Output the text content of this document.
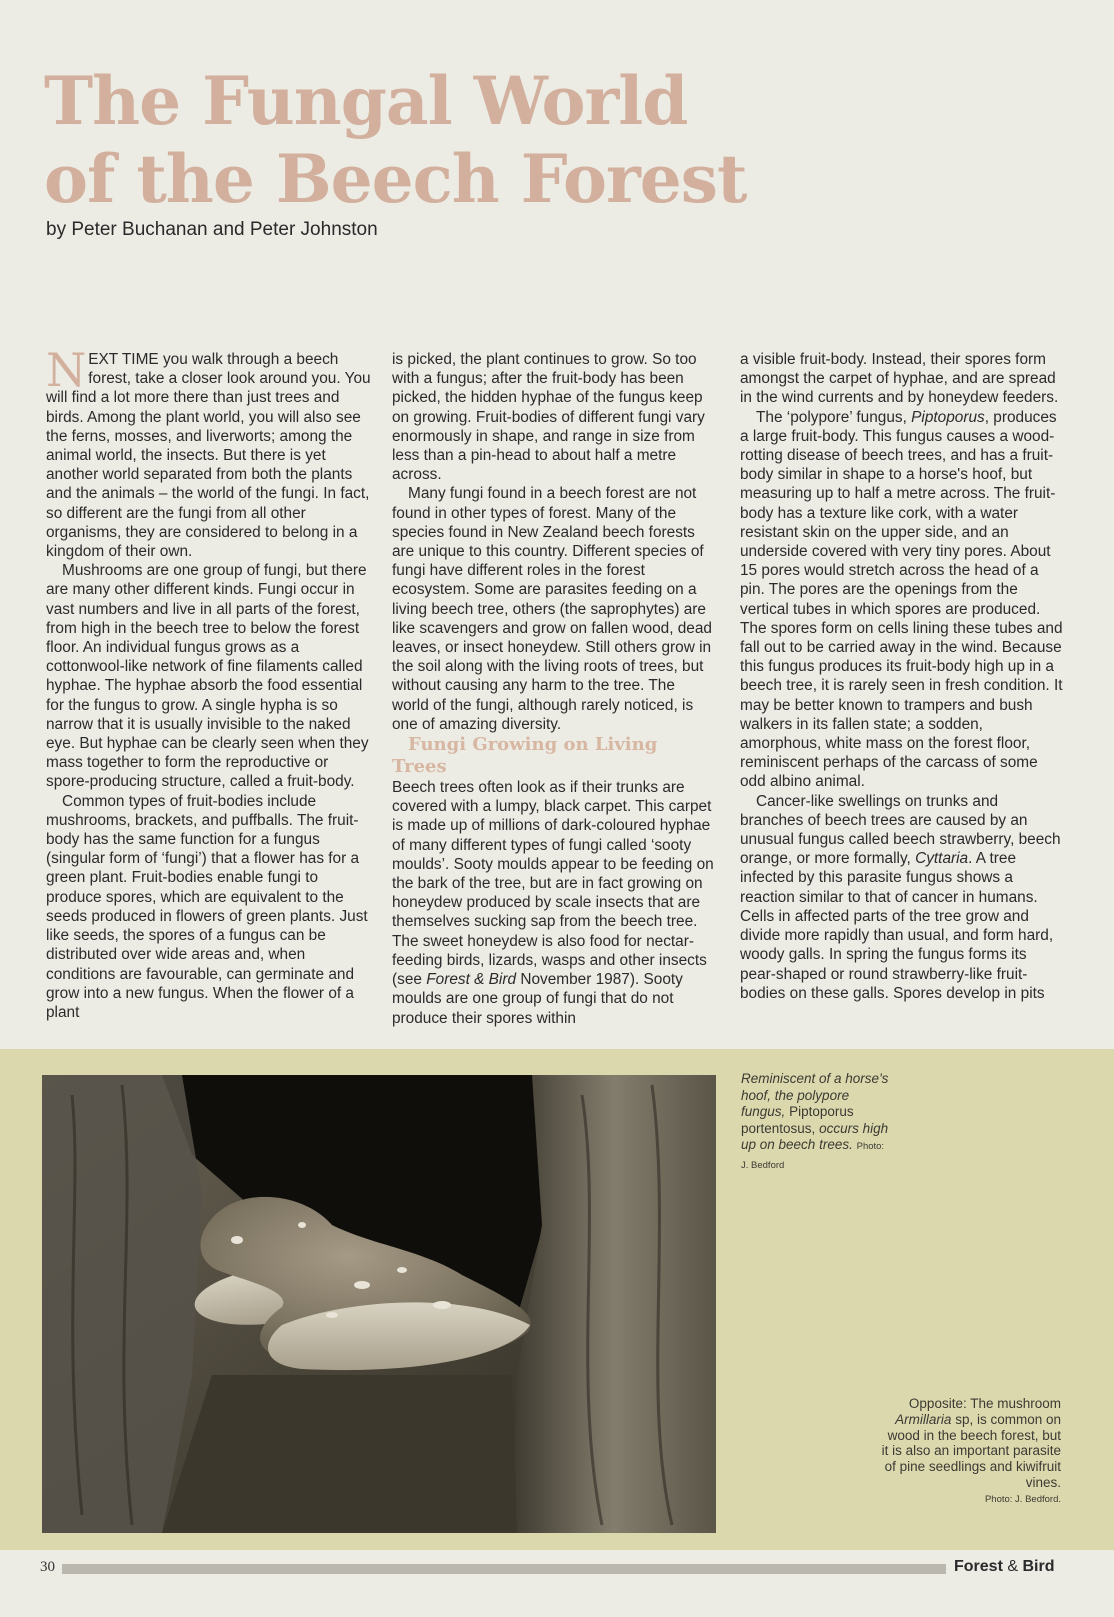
The Fungal World
of the Beech Forest
by Peter Buchanan and Peter Johnston

NEXT TIME you walk through a beech forest, take a closer look around you. You will find a lot more there than just trees and birds. Among the plant world, you will also see the ferns, mosses, and liverworts; among the animal world, the insects. But there is yet another world separated from both the plants and the animals – the world of the fungi. In fact, so different are the fungi from all other organisms, they are considered to belong in a kingdom of their own.

Mushrooms are one group of fungi, but there are many other different kinds. Fungi occur in vast numbers and live in all parts of the forest, from high in the beech tree to below the forest floor. An individual fungus grows as a cottonwool-like network of fine filaments called hyphae. The hyphae absorb the food essential for the fungus to grow. A single hypha is so narrow that it is usually invisible to the naked eye. But hyphae can be clearly seen when they mass together to form the reproductive or spore-producing structure, called a fruit-body.

Common types of fruit-bodies include mushrooms, brackets, and puffballs. The fruit-body has the same function for a fungus (singular form of ‘fungi’) that a flower has for a green plant. Fruit-bodies enable fungi to produce spores, which are equivalent to the seeds produced in flowers of green plants. Just like seeds, the spores of a fungus can be distributed over wide areas and, when conditions are favourable, can germinate and grow into a new fungus. When the flower of a plant

is picked, the plant continues to grow. So too with a fungus; after the fruit-body has been picked, the hidden hyphae of the fungus keep on growing. Fruit-bodies of different fungi vary enormously in shape, and range in size from less than a pin-head to about half a metre across.

Many fungi found in a beech forest are not found in other types of forest. Many of the species found in New Zealand beech forests are unique to this country. Different species of fungi have different roles in the forest ecosystem. Some are parasites feeding on a living beech tree, others (the saprophytes) are like scavengers and grow on fallen wood, dead leaves, or insect honeydew. Still others grow in the soil along with the living roots of trees, but without causing any harm to the tree. The world of the fungi, although rarely noticed, is one of amazing diversity.

Fungi Growing on Living Trees

Beech trees often look as if their trunks are covered with a lumpy, black carpet. This carpet is made up of millions of dark-coloured hyphae of many different types of fungi called ‘sooty moulds’. Sooty moulds appear to be feeding on the bark of the tree, but are in fact growing on honeydew produced by scale insects that are themselves sucking sap from the beech tree. The sweet honeydew is also food for nectar-feeding birds, lizards, wasps and other insects (see Forest & Bird November 1987). Sooty moulds are one group of fungi that do not produce their spores within

a visible fruit-body. Instead, their spores form amongst the carpet of hyphae, and are spread in the wind currents and by honeydew feeders.

The ‘polypore’ fungus, Piptoporus, produces a large fruit-body. This fungus causes a wood-rotting disease of beech trees, and has a fruit-body similar in shape to a horse's hoof, but measuring up to half a metre across. The fruit-body has a texture like cork, with a water resistant skin on the upper side, and an underside covered with very tiny pores. About 15 pores would stretch across the head of a pin. The pores are the openings from the vertical tubes in which spores are produced. The spores form on cells lining these tubes and fall out to be carried away in the wind. Because this fungus produces its fruit-body high up in a beech tree, it is rarely seen in fresh condition. It may be better known to trampers and bush walkers in its fallen state; a sodden, amorphous, white mass on the forest floor, reminiscent perhaps of the carcass of some odd albino animal.

Cancer-like swellings on trunks and branches of beech trees are caused by an unusual fungus called beech strawberry, beech orange, or more formally, Cyttaria. A tree infected by this parasite fungus shows a reaction similar to that of cancer in humans. Cells in affected parts of the tree grow and divide more rapidly than usual, and form hard, woody galls. In spring the fungus forms its pear-shaped or round strawberry-like fruit-bodies on these galls. Spores develop in pits

Reminiscent of a horse's hoof, the polypore fungus, Piptoporus portentosus, occurs high up on beech trees. Photo: J. Bedford
Opposite: The mushroom Armillaria sp, is common on wood in the beech forest, but it is also an important parasite of pine seedlings and kiwifruit vines.
Photo: J. Bedford.
30	Forest & Bird
